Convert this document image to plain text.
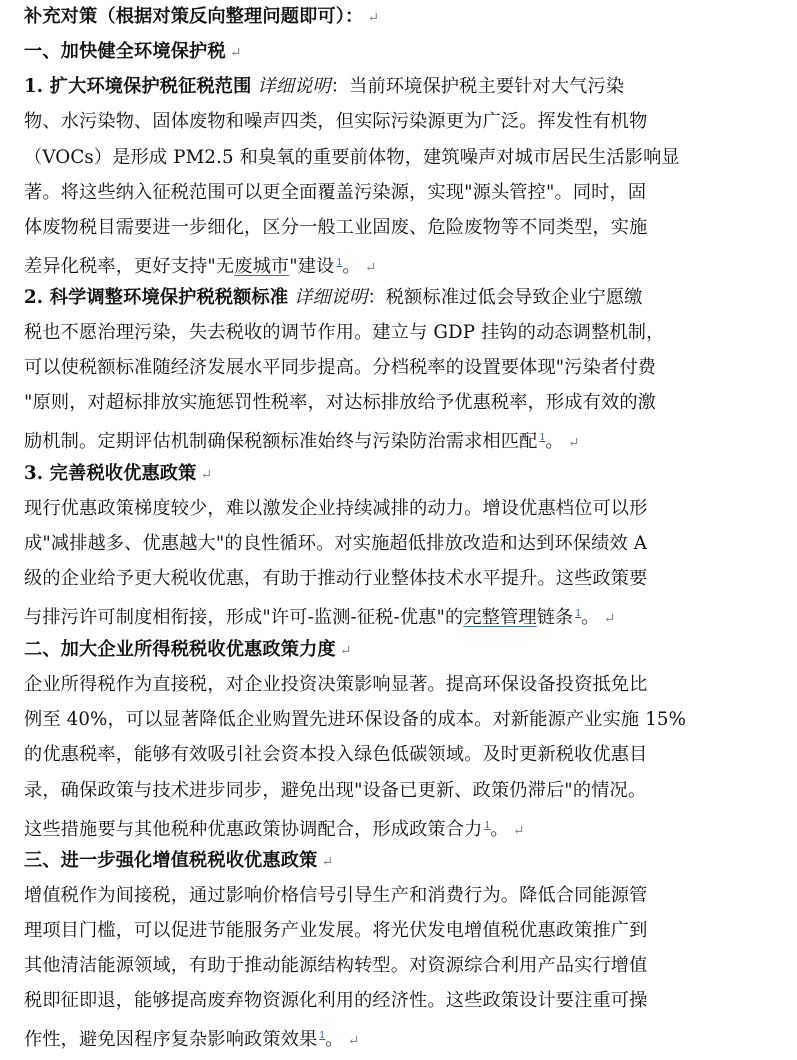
补充对策（根据对策反向整理问题即可）： ↵
一、加快健全环境保护税 ↵
1. 扩大环境保护税征税范围 详细说明：当前环境保护税主要针对大气污染
物、水污染物、固体废物和噪声四类，但实际污染源更为广泛。挥发性有机物
（VOCs）是形成 PM2.5 和臭氧的重要前体物，建筑噪声对城市居民生活影响显
著。将这些纳入征税范围可以更全面覆盖污染源，实现"源头管控"。同时，固
体废物税目需要进一步细化，区分一般工业固废、危险废物等不同类型，实施
差异化税率，更好支持"无废城市"建设 $^1$。 ↵
2. 科学调整环境保护税税额标准 详细说明：税额标准过低会导致企业宁愿缴
税也不愿治理污染，失去税收的调节作用。建立与 GDP 挂钩的动态调整机制，
可以使税额标准随经济发展水平同步提高。分档税率的设置要体现"污染者付费
"原则，对超标排放实施惩罚性税率，对达标排放给予优惠税率，形成有效的激
励机制。定期评估机制确保税额标准始终与污染防治需求相匹配 $^1$。 ↵
3. 完善税收优惠政策 ↵
现行优惠政策梯度较少，难以激发企业持续减排的动力。增设优惠档位可以形
成"减排越多、优惠越大"的良性循环。对实施超低排放改造和达到环保绩效 A
级的企业给予更大税收优惠，有助于推动行业整体技术水平提升。这些政策要
与排污许可制度相衔接，形成"许可-监测-征税-优惠"的完整管理链条 $^1$。 ↵
二、加大企业所得税税收优惠政策力度 ↵
企业所得税作为直接税，对企业投资决策影响显著。提高环保设备投资抵免比
例至 40%，可以显著降低企业购置先进环保设备的成本。对新能源产业实施 15%
的优惠税率，能够有效吸引社会资本投入绿色低碳领域。及时更新税收优惠目
录，确保政策与技术进步同步，避免出现"设备已更新、政策仍滞后"的情况。
这些措施要与其他税种优惠政策协调配合，形成政策合力 $^1$。 ↵
三、进一步强化增值税税收优惠政策 ↵
增值税作为间接税，通过影响价格信号引导生产和消费行为。降低合同能源管
理项目门槛，可以促进节能服务产业发展。将光伏发电增值税优惠政策推广到
其他清洁能源领域，有助于推动能源结构转型。对资源综合利用产品实行增值
税即征即退，能够提高废弃物资源化利用的经济性。这些政策设计要注重可操
作性，避免因程序复杂影响政策效果 $^1$。 ↵
